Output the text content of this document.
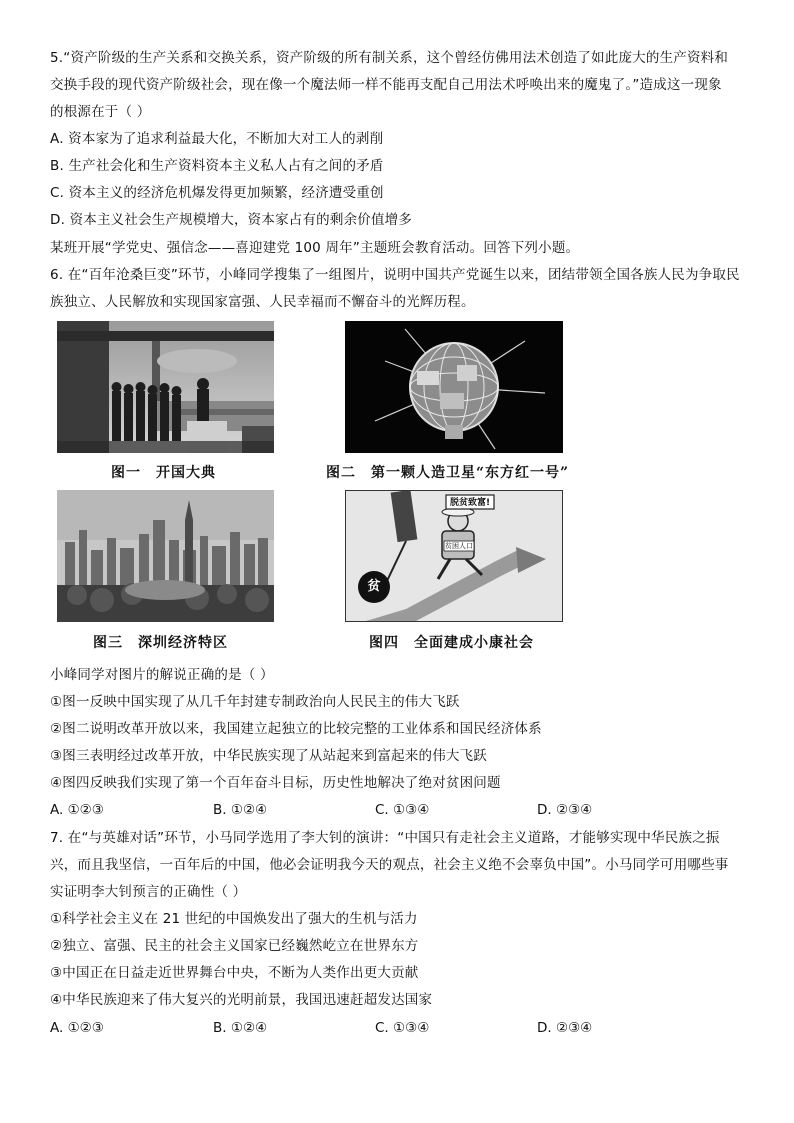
5.“资产阶级的生产关系和交换关系，资产阶级的所有制关系，这个曾经仿佛用法术创造了如此庞大的生产资料和
交换手段的现代资产阶级社会，现在像一个魔法师一样不能再支配自己用法术呼唤出来的魔鬼了。”造成这一现象
的根源在于（ ）
A. 资本家为了追求利益最大化，不断加大对工人的剥削
B. 生产社会化和生产资料资本主义私人占有之间的矛盾
C. 资本主义的经济危机爆发得更加频繁，经济遭受重创
D. 资本主义社会生产规模增大，资本家占有的剩余价值增多
某班开展“学党史、强信念——喜迎建党 100 周年”主题班会教育活动。回答下列小题。
6. 在“百年沧桑巨变”环节，小峰同学搜集了一组图片，说明中国共产党诞生以来，团结带领全国各族人民为争取民
族独立、人民解放和实现国家富强、人民幸福而不懈奋斗的光辉历程。
图一　开国大典	图二　第一颗人造卫星“东方红一号”
脱贫致富!
贫困人口
贫
图三　深圳经济特区	图四　全面建成小康社会
小峰同学对图片的解说正确的是（ ）
①图一反映中国实现了从几千年封建专制政治向人民民主的伟大飞跃
②图二说明改革开放以来，我国建立起独立的比较完整的工业体系和国民经济体系
③图三表明经过改革开放，中华民族实现了从站起来到富起来的伟大飞跃
④图四反映我们实现了第一个百年奋斗目标，历史性地解决了绝对贫困问题
A. ①②③	B. ①②④	C. ①③④	D. ②③④
7. 在“与英雄对话”环节，小马同学选用了李大钊的演讲：“中国只有走社会主义道路，才能够实现中华民族之振
兴，而且我坚信，一百年后的中国，他必会证明我今天的观点，社会主义绝不会辜负中国”。小马同学可用哪些事
实证明李大钊预言的正确性（ ）
①科学社会主义在 21 世纪的中国焕发出了强大的生机与活力
②独立、富强、民主的社会主义国家已经巍然屹立在世界东方
③中国正在日益走近世界舞台中央，不断为人类作出更大贡献
④中华民族迎来了伟大复兴的光明前景，我国迅速赶超发达国家
A. ①②③	B. ①②④	C. ①③④	D. ②③④
